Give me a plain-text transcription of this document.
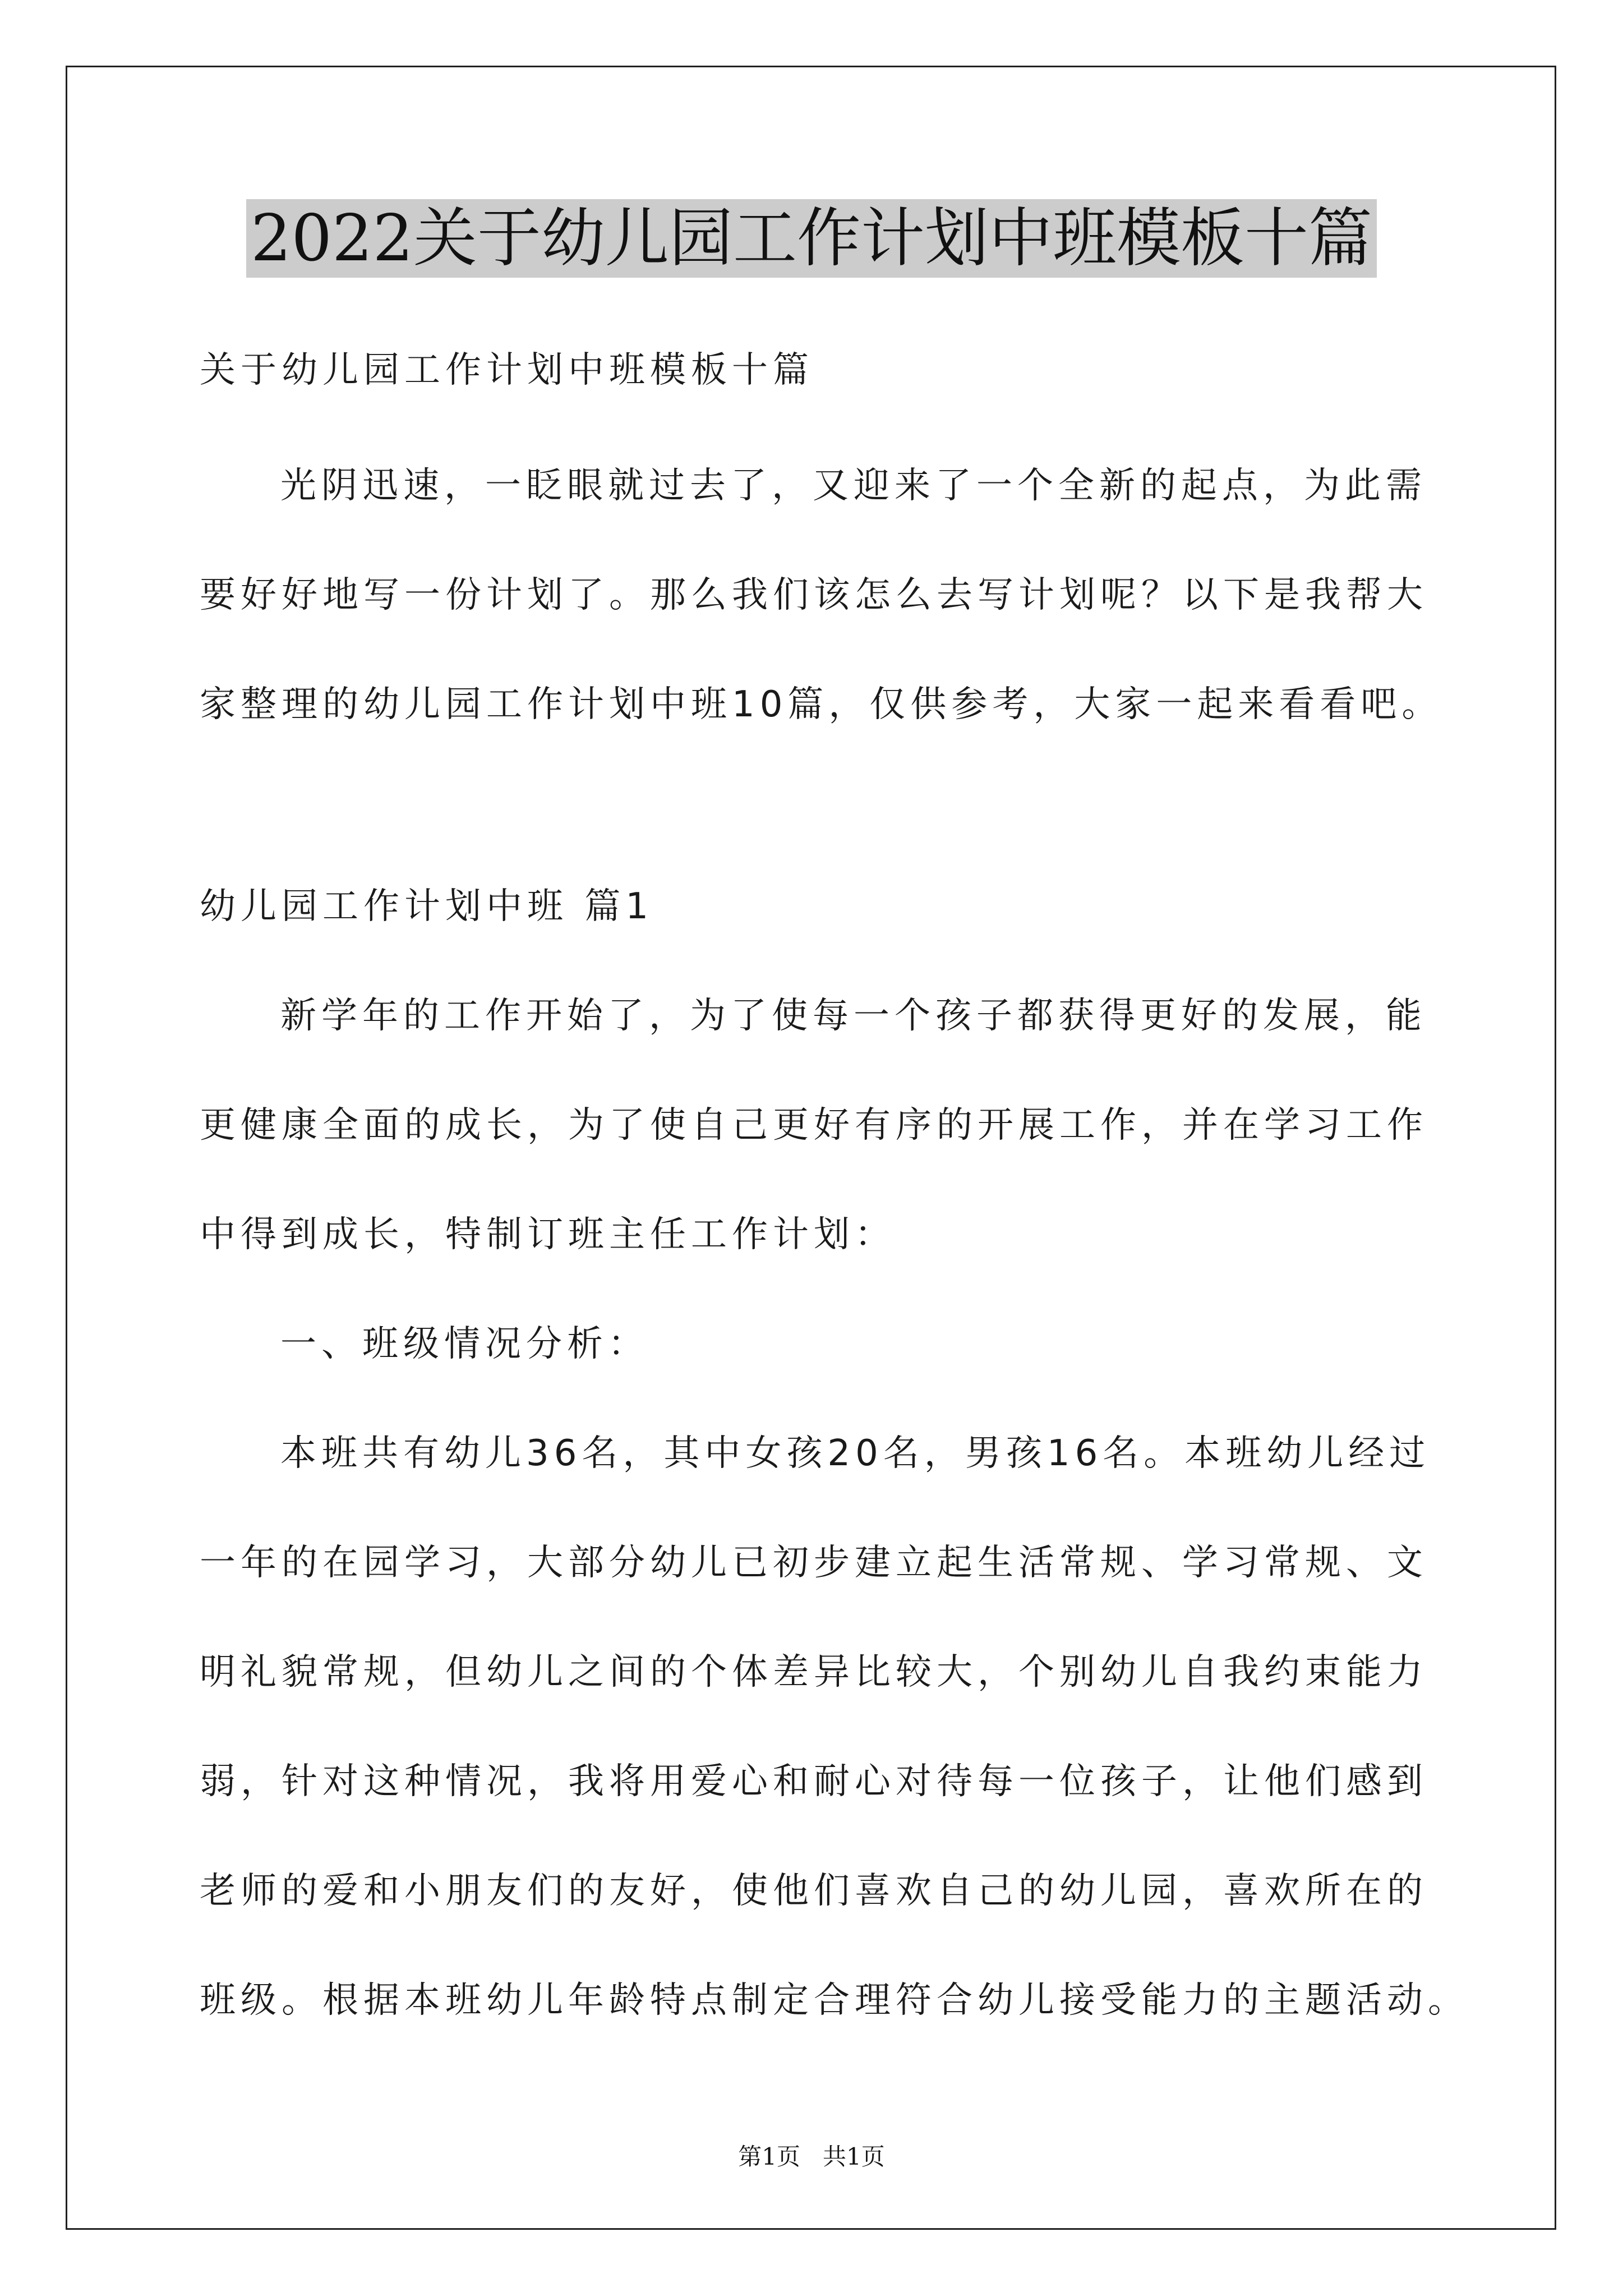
2022关于幼儿园工作计划中班模板十篇
关于幼儿园工作计划中班模板十篇
光阴迅速，一眨眼就过去了，又迎来了一个全新的起点，为此需
要好好地写一份计划了。那么我们该怎么去写计划呢？以下是我帮大
家整理的幼儿园工作计划中班10篇，仅供参考，大家一起来看看吧。
幼儿园工作计划中班 篇1
新学年的工作开始了，为了使每一个孩子都获得更好的发展，能
更健康全面的成长，为了使自己更好有序的开展工作，并在学习工作
中得到成长，特制订班主任工作计划：
一、班级情况分析：
本班共有幼儿36名，其中女孩20名，男孩16名。本班幼儿经过
一年的在园学习，大部分幼儿已初步建立起生活常规、学习常规、文
明礼貌常规，但幼儿之间的个体差异比较大，个别幼儿自我约束能力
弱，针对这种情况，我将用爱心和耐心对待每一位孩子，让他们感到
老师的爱和小朋友们的友好，使他们喜欢自己的幼儿园，喜欢所在的
班级。根据本班幼儿年龄特点制定合理符合幼儿接受能力的主题活动。
第1页   共1页
